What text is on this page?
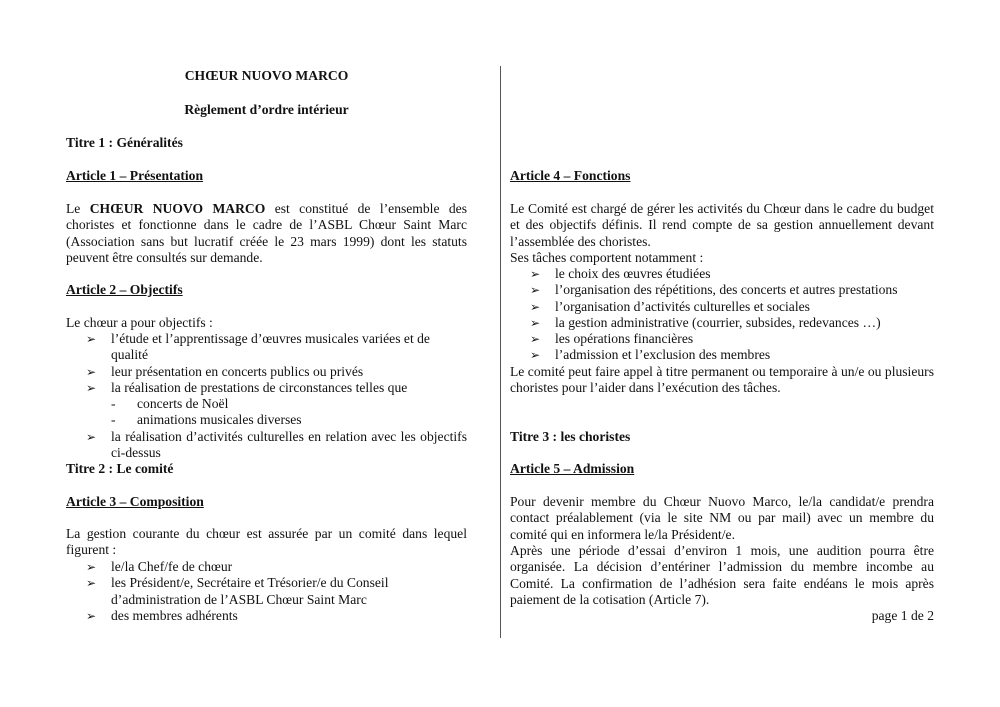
CHŒUR NUOVO MARCO
Règlement d’ordre intérieur
Titre 1 : Généralités
Article 1 – Présentation

Le CHŒUR NUOVO MARCO est constitué de l’ensemble des choristes et fonctionne dans le cadre de l’ASBL Chœur Saint Marc (Association sans but lucratif créée le 23 mars 1999) dont les statuts peuvent être consultés sur demande.

Article 2 – Objectifs
Le chœur a pour objectifs :
➢ l’étude et l’apprentissage d’œuvres musicales variées et de qualité
➢ leur présentation en concerts publics ou privés
➢ la réalisation de prestations de circonstances telles que
- concerts de Noël
- animations musicales diverses
➢ la réalisation d’activités culturelles en relation avec les objectifs ci-dessus
Titre 2 : Le comité
Article 3 – Composition

La gestion courante du chœur est assurée par un comité dans lequel figurent :

➢ le/la Chef/fe de chœur
➢ les Président/e, Secrétaire et Trésorier/e du Conseil d’administration de l’ASBL Chœur Saint Marc
➢ des membres adhérents
Article 4 – Fonctions

Le Comité est chargé de gérer les activités du Chœur dans le cadre du budget et des objectifs définis. Il rend compte de sa gestion annuellement devant l’assemblée des choristes.

Ses tâches comportent notamment :
➢ le choix des œuvres étudiées
➢ l’organisation des répétitions, des concerts et autres prestations
➢ l’organisation d’activités culturelles et sociales
➢ la gestion administrative (courrier, subsides, redevances …)
➢ les opérations financières
➢ l’admission et l’exclusion des membres

Le comité peut faire appel à titre permanent ou temporaire à un/e ou plusieurs choristes pour l’aider dans l’exécution des tâches.

Titre 3 : les choristes
Article 5 – Admission

Pour devenir membre du Chœur Nuovo Marco, le/la candidat/e prendra contact préalablement (via le site NM ou par mail) avec un membre du comité qui en informera le/la Président/e.

Après une période d’essai d’environ 1 mois, une audition pourra être organisée. La décision d’entériner l’admission du membre incombe au Comité. La confirmation de l’adhésion sera faite endéans le mois après paiement de la cotisation (Article 7).

page 1 de 2
